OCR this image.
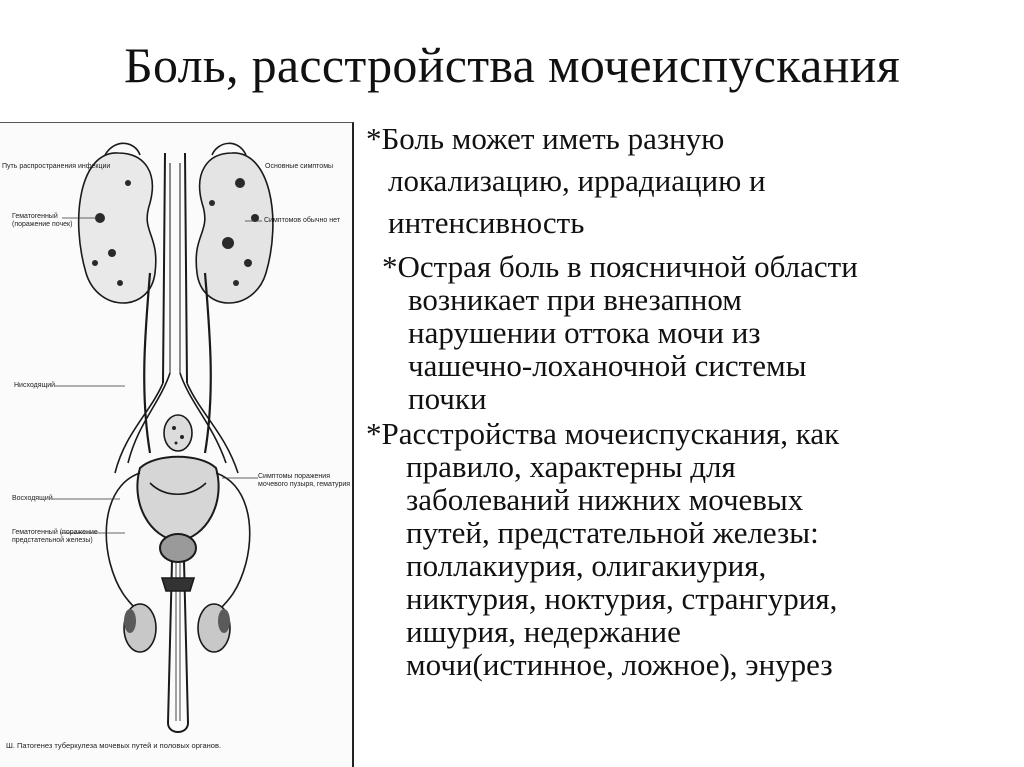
Боль, расстройства мочеиспускания
Путь распространения инфекции	Основные симптомы
Гематогенный
(поражение почек)
Симптомов обычно нет
Нисходящий
Симптомы поражения
мочевого пузыря, гематурия
Восходящий
Гематогенный (поражение
предстательной железы)
Ш. Патогенез туберкулеза мочевых путей и половых органов.

*Боль может иметь разную
локализацию, иррадиацию и
интенсивность

*Острая боль в поясничной области
возникает при внезапном
нарушении оттока мочи из
чашечно-лоханочной системы
почки

*Расстройства мочеиспускания, как
правило, характерны для
заболеваний нижних мочевых
путей, предстательной железы:
поллакиурия, олигакиурия,
никтурия, ноктурия, странгурия,
ишурия, недержание
мочи(истинное, ложное), энурез
